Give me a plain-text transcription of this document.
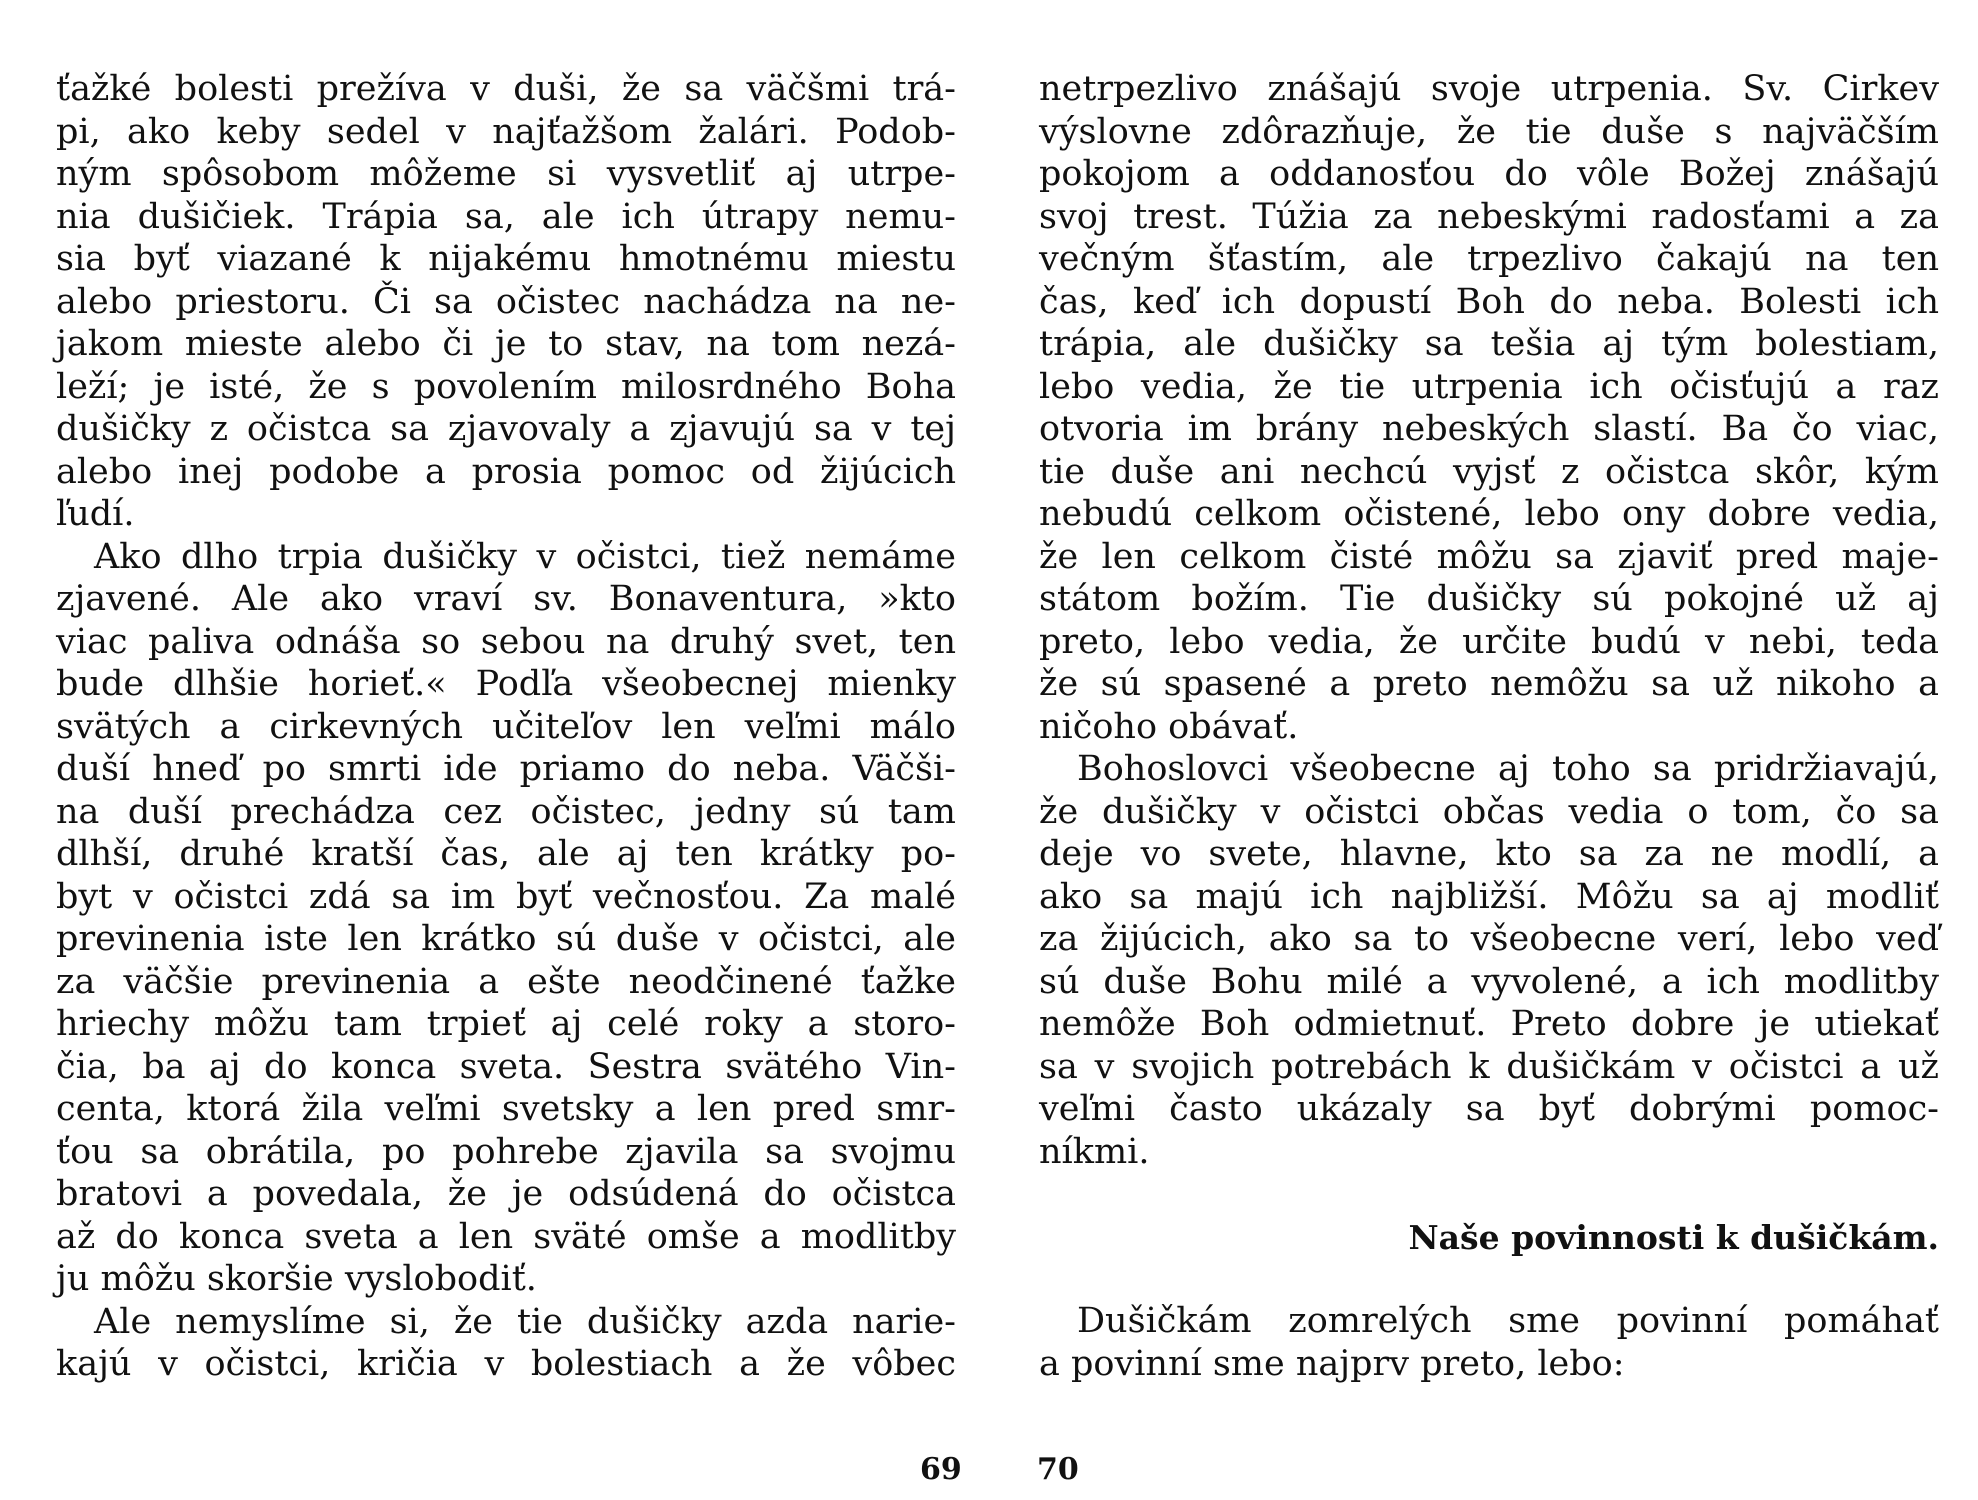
ťažké bolesti prežíva v duši, že sa väčšmi trá-
pi, ako keby sedel v najťažšom žalári. Podob-
ným spôsobom môžeme si vysvetliť aj utrpe-
nia dušičiek. Trápia sa, ale ich útrapy nemu-
sia byť viazané k nijakému hmotnému miestu
alebo priestoru. Či sa očistec nachádza na ne-
jakom mieste alebo či je to stav, na tom nezá-
leží; je isté, že s povolením milosrdného Boha
dušičky z očistca sa zjavovaly a zjavujú sa v tej
alebo inej podobe a prosia pomoc od žijúcich
ľudí.
Ako dlho trpia dušičky v očistci, tiež nemáme
zjavené. Ale ako vraví sv. Bonaventura, »kto
viac paliva odnáša so sebou na druhý svet, ten
bude dlhšie horieť.« Podľa všeobecnej mienky
svätých a cirkevných učiteľov len veľmi málo
duší hneď po smrti ide priamo do neba. Väčši-
na duší prechádza cez očistec, jedny sú tam
dlhší, druhé kratší čas, ale aj ten krátky po-
byt v očistci zdá sa im byť večnosťou. Za malé
previnenia iste len krátko sú duše v očistci, ale
za väčšie previnenia a ešte neodčinené ťažke
hriechy môžu tam trpieť aj celé roky a storo-
čia, ba aj do konca sveta. Sestra svätého Vin-
centa, ktorá žila veľmi svetsky a len pred smr-
ťou sa obrátila, po pohrebe zjavila sa svojmu
bratovi a povedala, že je odsúdená do očistca
až do konca sveta a len sväté omše a modlitby
ju môžu skoršie vyslobodiť.
Ale nemyslíme si, že tie dušičky azda narie-
kajú v očistci, kričia v bolestiach a že vôbec
69
netrpezlivo znášajú svoje utrpenia. Sv. Cirkev
výslovne zdôrazňuje, že tie duše s najväčším
pokojom a oddanosťou do vôle Božej znášajú
svoj trest. Túžia za nebeskými radosťami a za
večným šťastím, ale trpezlivo čakajú na ten
čas, keď ich dopustí Boh do neba. Bolesti ich
trápia, ale dušičky sa tešia aj tým bolestiam,
lebo vedia, že tie utrpenia ich očisťujú a raz
otvoria im brány nebeských slastí. Ba čo viac,
tie duše ani nechcú vyjsť z očistca skôr, kým
nebudú celkom očistené, lebo ony dobre vedia,
že len celkom čisté môžu sa zjaviť pred maje-
státom božím. Tie dušičky sú pokojné už aj
preto, lebo vedia, že určite budú v nebi, teda
že sú spasené a preto nemôžu sa už nikoho a
ničoho obávať.
Bohoslovci všeobecne aj toho sa pridržiavajú,
že dušičky v očistci občas vedia o tom, čo sa
deje vo svete, hlavne, kto sa za ne modlí, a
ako sa majú ich najbližší. Môžu sa aj modliť
za žijúcich, ako sa to všeobecne verí, lebo veď
sú duše Bohu milé a vyvolené, a ich modlitby
nemôže Boh odmietnuť. Preto dobre je utiekať
sa v svojich potrebách k dušičkám v očistci a už
veľmi často ukázaly sa byť dobrými pomoc-
níkmi.
Naše povinnosti k dušičkám.
Dušičkám zomrelých sme povinní pomáhať
a povinní sme najprv preto, lebo:
70
